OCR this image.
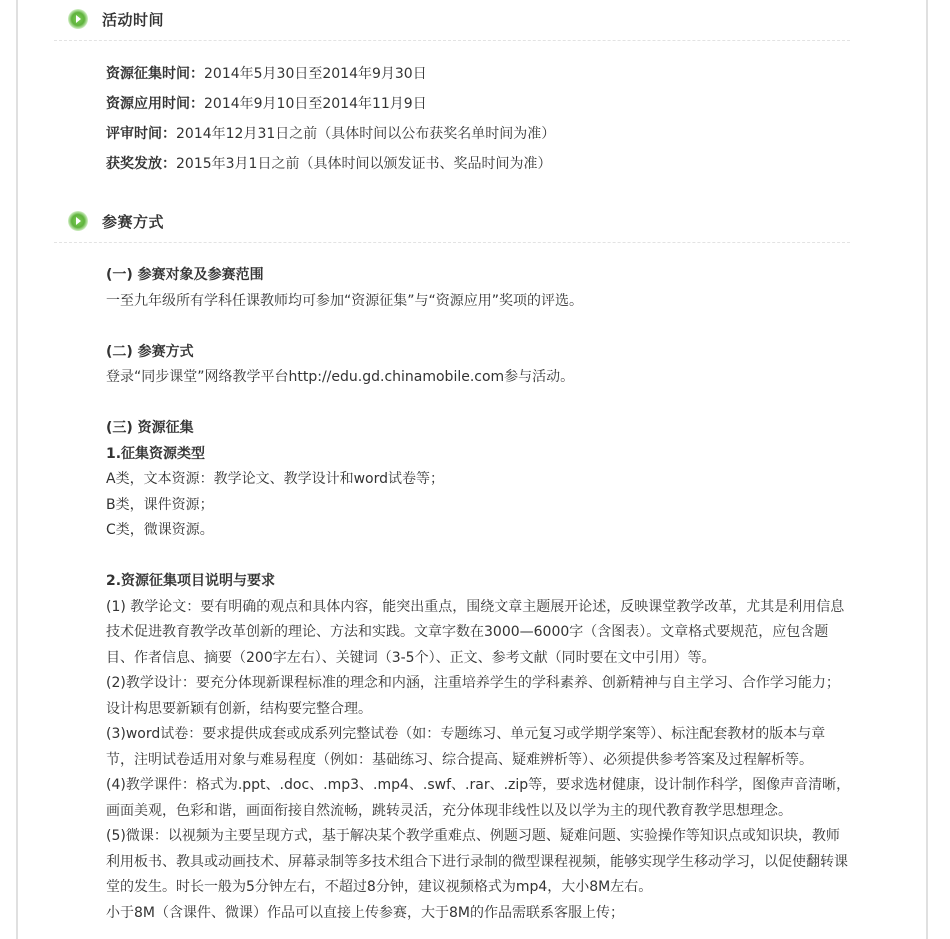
活动时间
资源征集时间：2014年5月30日至2014年9月30日
资源应用时间：2014年9月10日至2014年11月9日
评审时间：2014年12月31日之前（具体时间以公布获奖名单时间为准）
获奖发放：2015年3月1日之前（具体时间以颁发证书、奖品时间为准）
参赛方式
(一) 参赛对象及参赛范围
一至九年级所有学科任课教师均可参加“资源征集”与“资源应用”奖项的评选。
(二) 参赛方式
登录“同步课堂”网络教学平台http://edu.gd.chinamobile.com参与活动。
(三) 资源征集
1.征集资源类型
A类，文本资源：教学论文、教学设计和word试卷等；
B类，课件资源；
C类，微课资源。
2.资源征集项目说明与要求
(1) 教学论文：要有明确的观点和具体内容，能突出重点，围绕文章主题展开论述，反映课堂教学改革，尤其是利用信息
技术促进教育教学改革创新的理论、方法和实践。文章字数在3000—6000字（含图表）。文章格式要规范，应包含题
目、作者信息、摘要（200字左右）、关键词（3-5个）、正文、参考文献（同时要在文中引用）等。
(2)教学设计：要充分体现新课程标准的理念和内涵，注重培养学生的学科素养、创新精神与自主学习、合作学习能力；
设计构思要新颖有创新，结构要完整合理。
(3)word试卷：要求提供成套或成系列完整试卷（如：专题练习、单元复习或学期学案等）、标注配套教材的版本与章
节，注明试卷适用对象与难易程度（例如：基础练习、综合提高、疑难辨析等）、必须提供参考答案及过程解析等。
(4)教学课件：格式为.ppt、.doc、.mp3、.mp4、.swf、.rar、.zip等，要求选材健康，设计制作科学，图像声音清晰，
画面美观，色彩和谐，画面衔接自然流畅，跳转灵活，充分体现非线性以及以学为主的现代教育教学思想理念。
(5)微课：以视频为主要呈现方式，基于解决某个教学重难点、例题习题、疑难问题、实验操作等知识点或知识块，教师
利用板书、教具或动画技术、屏幕录制等多技术组合下进行录制的微型课程视频，能够实现学生移动学习，以促使翻转课
堂的发生。时长一般为5分钟左右，不超过8分钟，建议视频格式为mp4，大小8M左右。
小于8M（含课件、微课）作品可以直接上传参赛，大于8M的作品需联系客服上传；
